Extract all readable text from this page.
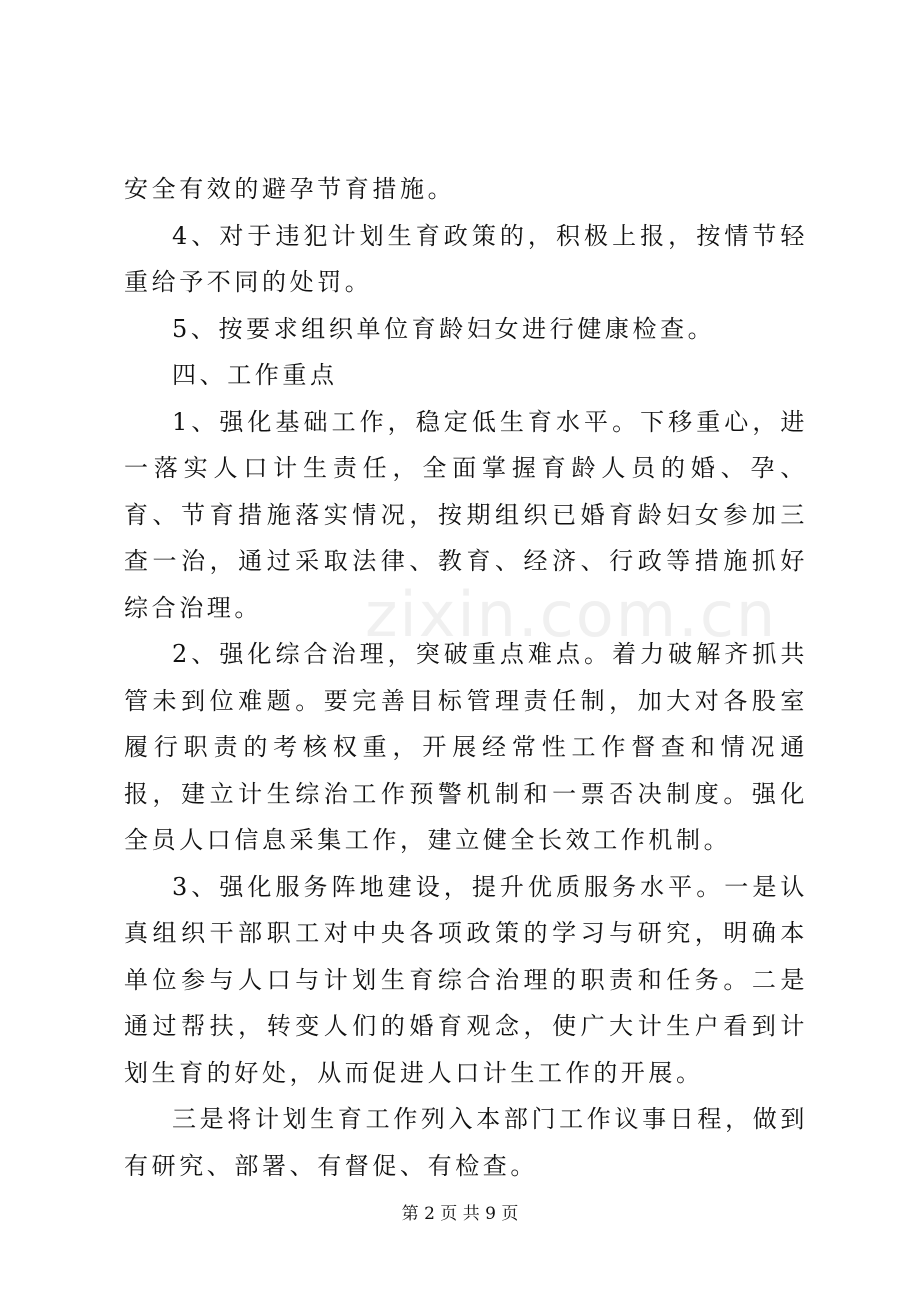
安全有效的避孕节育措施。

4、对于违犯计划生育政策的，积极上报，按情节轻重给予不同的处罚。

5、按要求组织单位育龄妇女进行健康检查。

四、工作重点

1、强化基础工作，稳定低生育水平。下移重心，进一落实人口计生责任，全面掌握育龄人员的婚、孕、育、节育措施落实情况，按期组织已婚育龄妇女参加三查一治，通过采取法律、教育、经济、行政等措施抓好综合治理。

2、强化综合治理，突破重点难点。着力破解齐抓共管未到位难题。要完善目标管理责任制，加大对各股室履行职责的考核权重，开展经常性工作督查和情况通报，建立计生综治工作预警机制和一票否决制度。强化全员人口信息采集工作，建立健全长效工作机制。

3、强化服务阵地建设，提升优质服务水平。一是认真组织干部职工对中央各项政策的学习与研究，明确本单位参与人口与计划生育综合治理的职责和任务。二是通过帮扶，转变人们的婚育观念，使广大计生户看到计划生育的好处，从而促进人口计生工作的开展。

三是将计划生育工作列入本部门工作议事日程，做到有研究、部署、有督促、有检查。

zixin.com.cn
第 2 页 共 9 页
